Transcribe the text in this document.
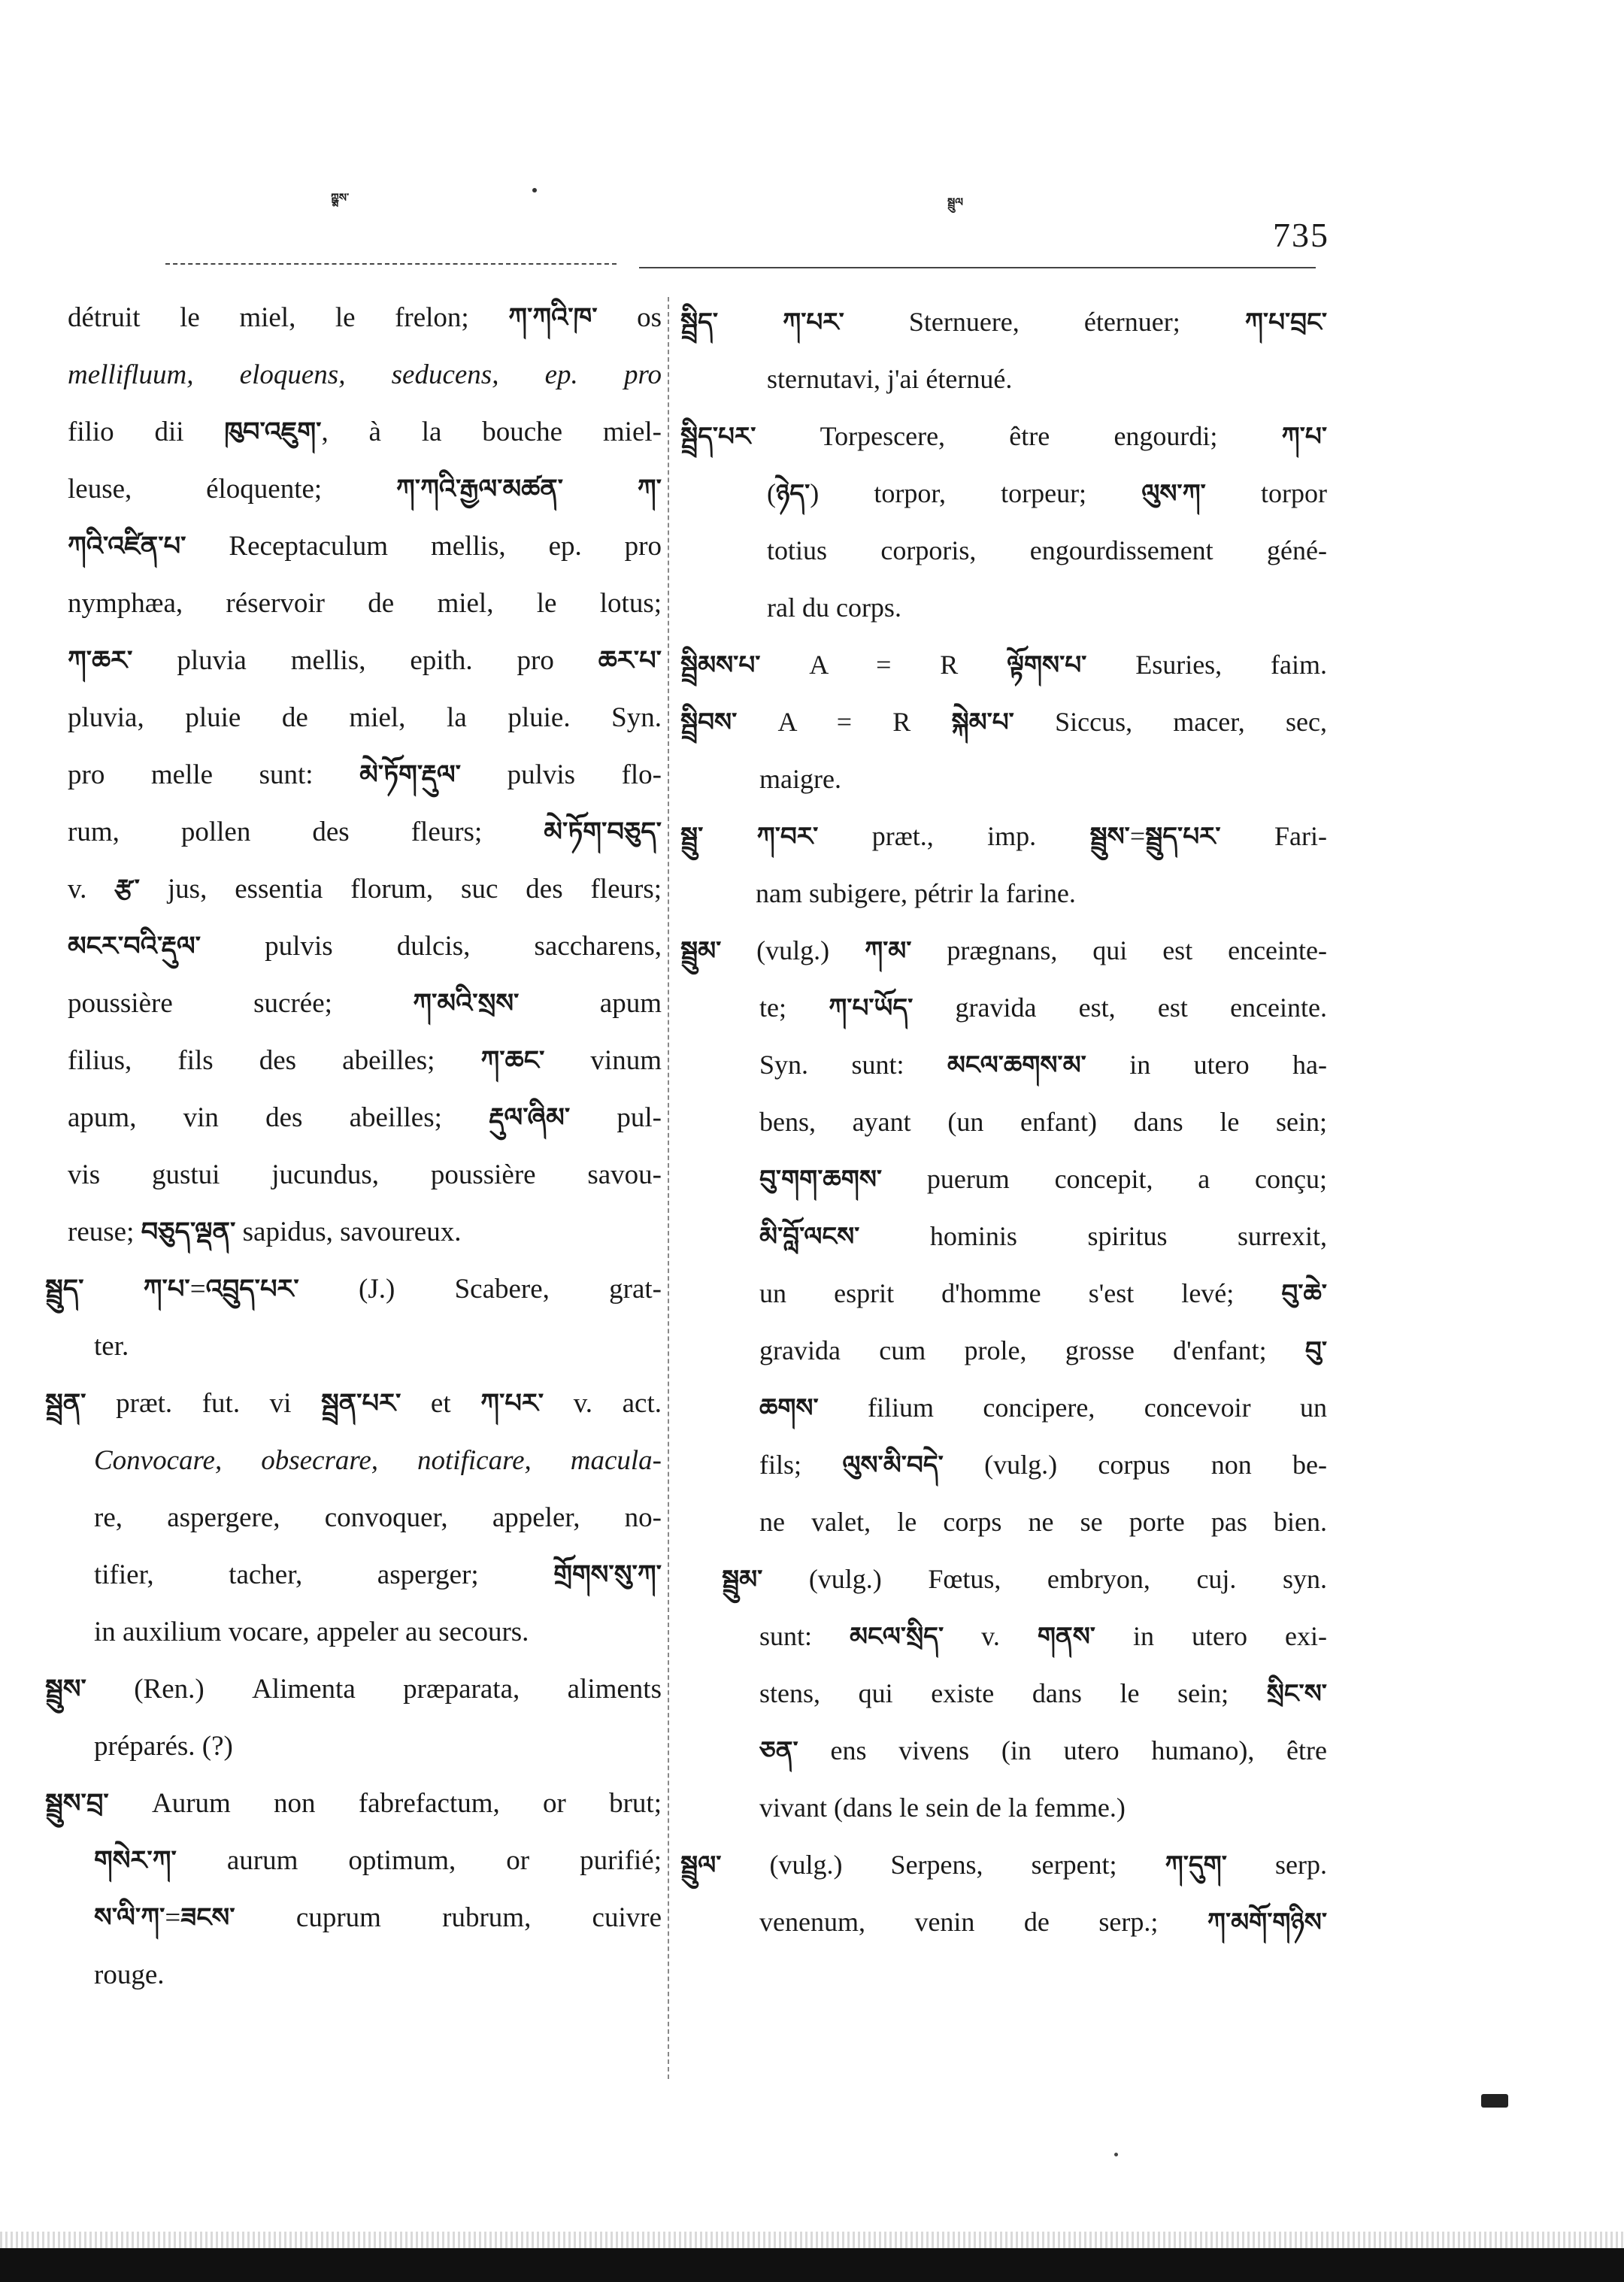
ཀྵྨས་	སྦྲུལ
735
détruit le miel, le frelon; ཀ་ཀའི་ཁ་ os
mellifluum, eloquens, seducens, ep. pro
filio dii ཁུབ་འཇུག་, à la bouche miel-
leuse, éloquente; ཀ་ཀའི་རྒྱལ་མཚན་	ཀ་
ཀའི་འཛིན་པ་ Receptaculum mellis, ep. pro
nymphæa, réservoir de miel, le lotus;
ཀ་ཆར་ pluvia mellis, epith. pro ཆར་པ་
pluvia, pluie de miel, la pluie. Syn.
pro melle sunt: མེ་ཏོག་རྡུལ་ pulvis flo-
rum, pollen des fleurs; མེ་ཏོག་བཅུད་
v. རྩ་ jus, essentia florum, suc des fleurs;
མངར་བའི་རྡུལ་ pulvis dulcis, saccharens,
poussière sucrée; ཀ་མའི་སྲས་ apum
filius, fils des abeilles; ཀ་ཆང་ vinum
apum, vin des abeilles; རྡུལ་ཞིམ་ pul-
vis gustui jucundus, poussière savou-
reuse; བཅུད་ལྡན་ sapidus, savoureux.
སྦྲུད་ ཀ་པ་=འབྲུད་པར་ (J.) Scabere, grat-
ter.
སྦྲན་ præt. fut. vi སྦྲན་པར་ et ཀ་པར་ v. act.
Convocare, obsecrare, notificare, macula-
re, aspergere, convoquer, appeler, no-
tifier, tacher, asperger; གྲོགས་སུ་ཀ་
in auxilium vocare, appeler au secours.
སྦྲུས་ (Ren.) Alimenta præparata, aliments
préparés. (?)
སྦྲུས་བྲ་ Aurum non fabrefactum, or brut;
གསེར་ཀ་ aurum optimum, or purifié;
ས་ལི་ཀ་=ཟངས་ cuprum rubrum, cuivre
rouge.
སྦྲིད་	ཀ་པར་ Sternuere, éternuer; ཀ་པ་བྲང་
sternutavi, j'ai éternué.
སྦྲིད་པར་ Torpescere, être engourdi; ཀ་པ་
(ཉེད་) torpor, torpeur; ལུས་ཀ་ torpor
totius corporis, engourdissement géné-
ral du corps.
སྦྲིམས་པ་ A = R ལྟོགས་པ་ Esuries, faim.
སྦྲིབས་ A = R སྐེམ་པ་ Siccus, macer, sec,
maigre.
སྦྲུ་ ཀ་བར་ præt., imp. སྦྲུས་=སྦྲུད་པར་ Fari-
nam subigere, pétrir la farine.
སྦྲུམ་ (vulg.) ཀ་མ་ prægnans, qui est enceinte-
te; ཀ་པ་ཡོད་ gravida est, est enceinte.
Syn. sunt: མངལ་ཆགས་མ་ in utero ha-
bens, ayant (un enfant) dans le sein;
བུ་གག་ཆགས་ puerum concepit, a conçu;
མི་བློ་ལངས་ hominis spiritus surrexit,
un esprit d'homme s'est levé; བུ་ཆེ་
gravida cum prole, grosse d'enfant; བུ་
ཆགས་ filium concipere, concevoir un
fils; ལུས་མི་བདེ་ (vulg.) corpus non be-
ne valet, le corps ne se porte pas bien.
སྦྲུམ་ (vulg.) Fœtus, embryon, cuj. syn.
sunt: མངལ་སྲིད་ v. གནས་ in utero exi-
stens, qui existe dans le sein; སྲིང་ས་
ཅན་ ens vivens (in utero humano), être
vivant (dans le sein de la femme.)
སྦྲུལ་ (vulg.) Serpens, serpent; ཀ་དུག་ serp.
venenum, venin de serp.; ཀ་མགོ་གཉིས་
